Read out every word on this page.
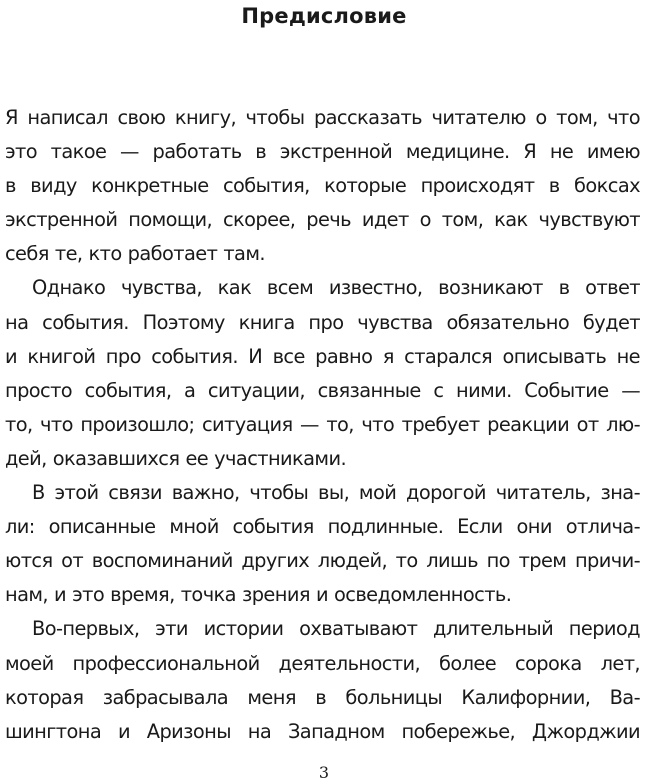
Предисловие

Я написал свою книгу, чтобы рассказать читателю о том, что

это такое — работать в экстренной медицине. Я не имею

в виду конкретные события, которые происходят в боксах

экстренной помощи, скорее, речь идет о том, как чувствуют

себя те, кто работает там.

Однако чувства, как всем известно, возникают в ответ

на события. Поэтому книга про чувства обязательно будет

и книгой про события. И все равно я старался описывать не

просто события, а ситуации, связанные с ними. Событие —

то, что произошло; ситуация — то, что требует реакции от лю-

дей, оказавшихся ее участниками.

В этой связи важно, чтобы вы, мой дорогой читатель, зна-

ли: описанные мной события подлинные. Если они отлича-

ются от воспоминаний других людей, то лишь по трем причи-

нам, и это время, точка зрения и осведомленность.

Во-первых, эти истории охватывают длительный период

моей профессиональной деятельности, более сорока лет,

которая забрасывала меня в больницы Калифорнии, Ва-

шингтона и Аризоны на Западном побережье, Джорджии

3
